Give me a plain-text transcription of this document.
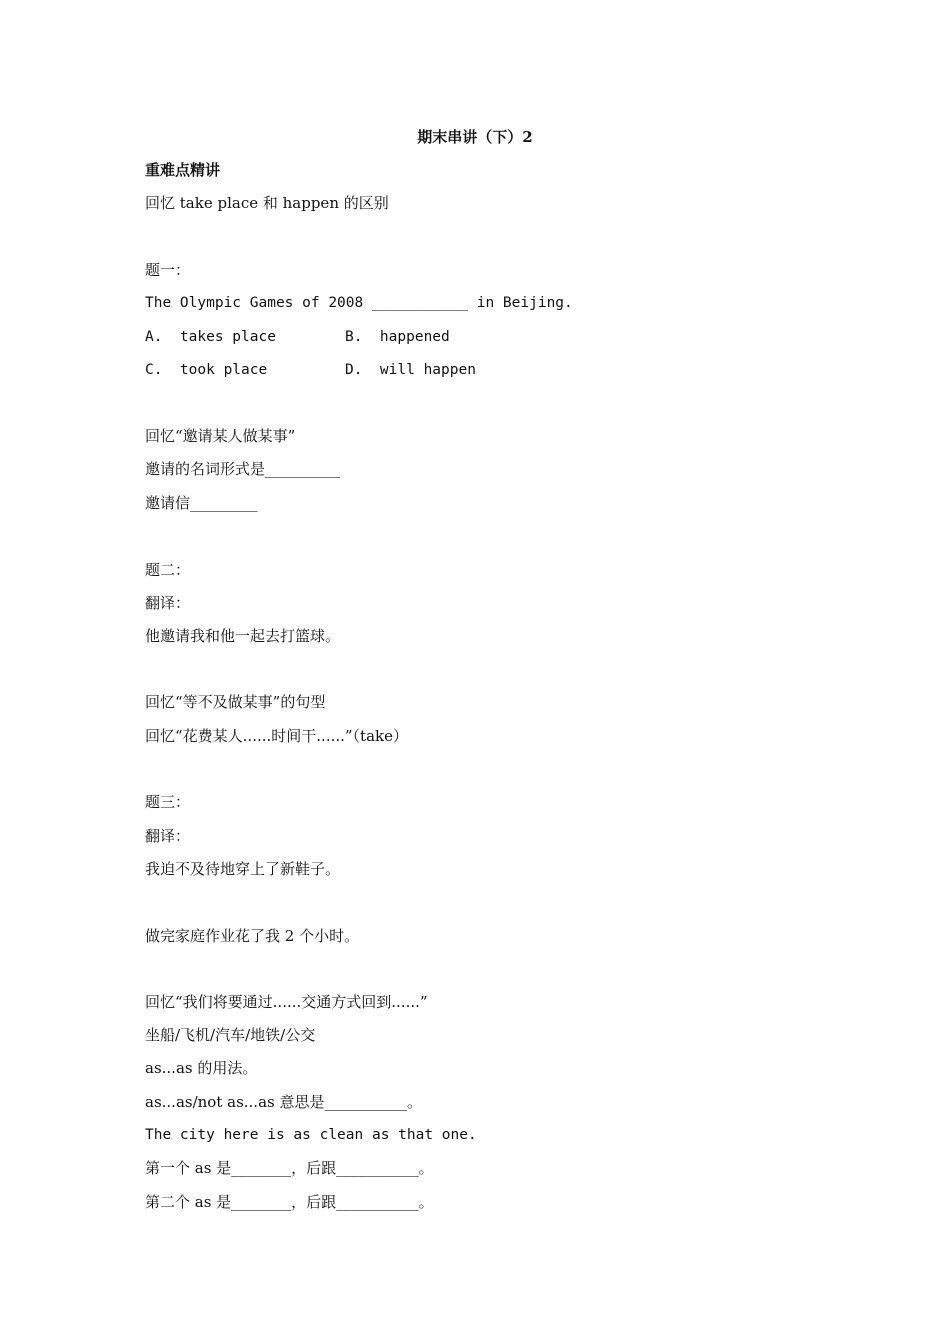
期末串讲（下）2
重难点精讲
回忆 take place 和 happen 的区别
题一：
The Olympic Games of 2008 ___________ in Beijing.
A.  takes place	B.  happened
C.  took place	D.  will happen
回忆“邀请某人做某事”
邀请的名词形式是__________
邀请信_________
题二：
翻译：
他邀请我和他一起去打篮球。
回忆“等不及做某事”的句型
回忆“花费某人......时间干......”（take）
题三：
翻译：
我迫不及待地穿上了新鞋子。
做完家庭作业花了我 2 个小时。
回忆“我们将要通过......交通方式回到......”
坐船/飞机/汽车/地铁/公交
as...as 的用法。
as...as/not as...as 意思是___________。
The city here is as clean as that one.
第一个 as 是________，后跟___________。
第二个 as 是________，后跟___________。
